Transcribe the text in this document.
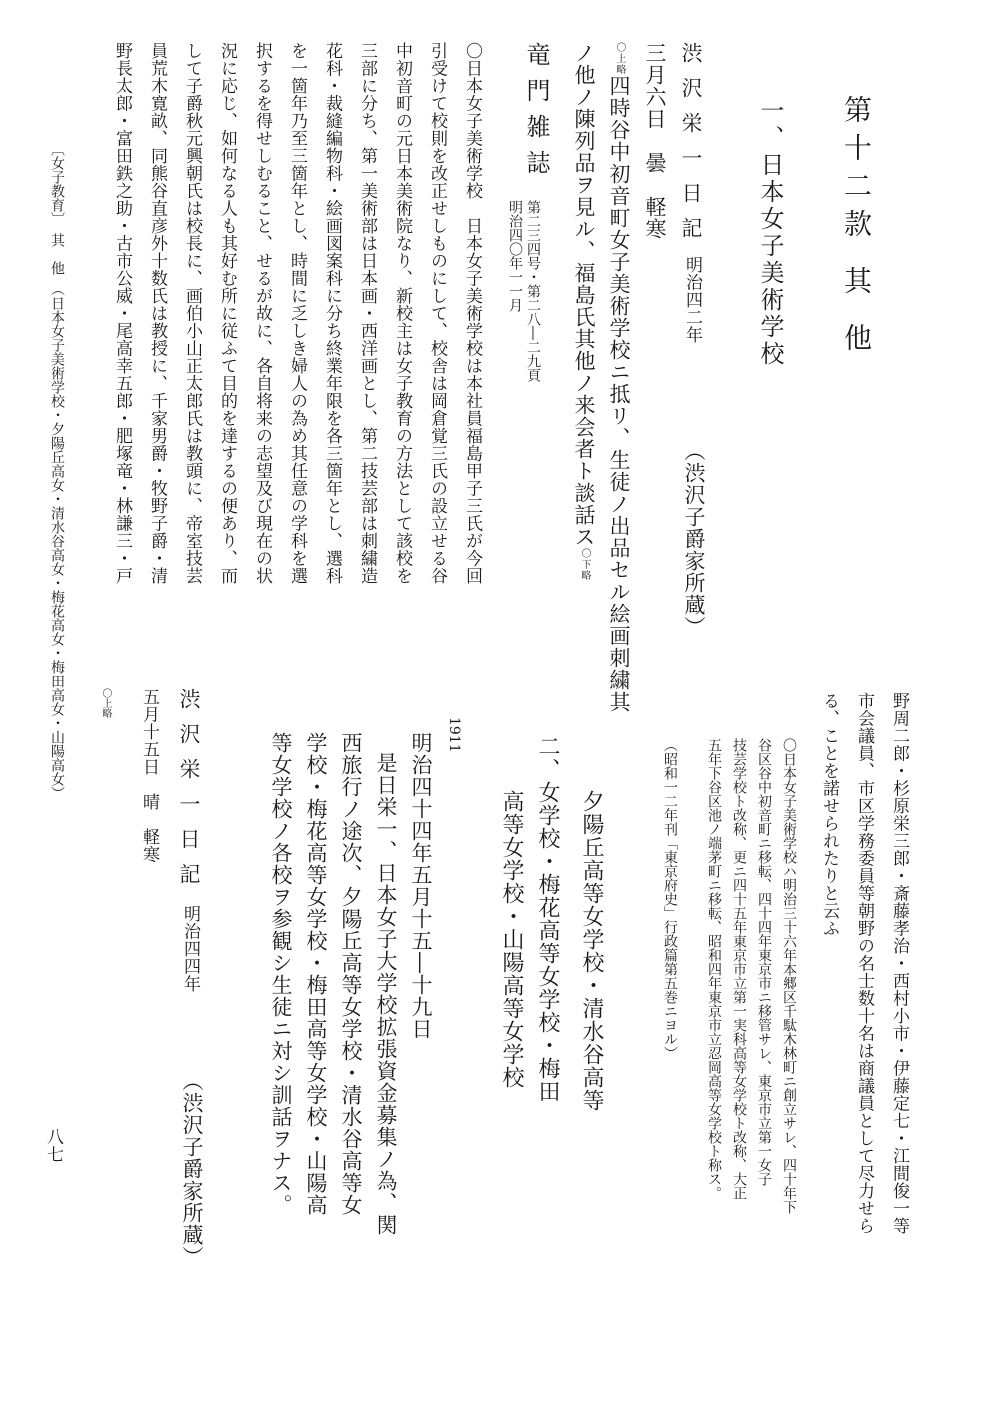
第十二款 其 他
一、日本女子美術学校
渋沢栄一日記
明治四二年
（渋沢子爵家所蔵）
三月六日　曇　軽寒
〇上略四時谷中初音町女子美術学校ニ抵リ、生徒ノ出品セル絵画刺繍其
ノ他ノ陳列品ヲ見ル、福島氏其他ノ来会者ト談話ス〇下略
竜門雑誌
第二三四号・第二八―二九頁
明治四〇年一一月
〇日本女子美術学校　日本女子美術学校は本社員福島甲子三氏が今回
引受けて校則を改正せしものにして、校舎は岡倉覚三氏の設立せる谷
中初音町の元日本美術院なり、新校主は女子教育の方法として該校を
三部に分ち、第一美術部は日本画・西洋画とし、第二技芸部は刺繍造
花科・裁縫編物科・絵画図案科に分ち終業年限を各三箇年とし、選科
を一箇年乃至三箇年とし、時間に乏しき婦人の為め其任意の学科を選
択するを得せしむること、せるが故に、各自将来の志望及び現在の状
況に応じ、如何なる人も其好む所に従ふて目的を達するの便あり、而
して子爵秋元興朝氏は校長に、画伯小山正太郎氏は教頭に、帝室技芸
員荒木寛畝、同熊谷直彦外十数氏は教授に、千家男爵・牧野子爵・清
野長太郎・富田鉄之助・古市公威・尾高幸五郎・肥塚竜・林謙三・戸
〔女子教育〕　其　他　（日本女子美術学校・夕陽丘高女・清水谷高女・梅花高女・梅田高女・山陽高女）
野周二郎・杉原栄三郎・斎藤孝治・西村小市・伊藤定七・江間俊一等
市会議員、市区学務委員等朝野の名士数十名は商議員として尽力せら
る、ことを諾せられたりと云ふ
〇日本女子美術学校ハ明治三十六年本郷区千駄木林町ニ創立サレ、四十年下
谷区谷中初音町ニ移転、四十四年東京市ニ移管サレ、東京市立第一女子
技芸学校ト改称、更ニ四十五年東京市立第一実科高等女学校ト改称、大正
五年下谷区池ノ端茅町ニ移転、昭和四年東京市立忍岡高等女学校ト称ス。
（昭和一二年刊「東京府史」行政篇第五巻ニヨル）
夕陽丘高等女学校・清水谷高等
二、女学校・梅花高等女学校・梅田
高等女学校・山陽高等女学校
1911
明治四十四年五月十五―十九日
是日栄一、日本女子大学校拡張資金募集ノ為、関
西旅行ノ途次、夕陽丘高等女学校・清水谷高等女
学校・梅花高等女学校・梅田高等女学校・山陽高
等女学校ノ各校ヲ参観シ生徒ニ対シ訓話ヲナス。
渋沢栄一日記
明治四四年
（渋沢子爵家所蔵）
五月十五日　晴　軽寒
〇上略
八七
